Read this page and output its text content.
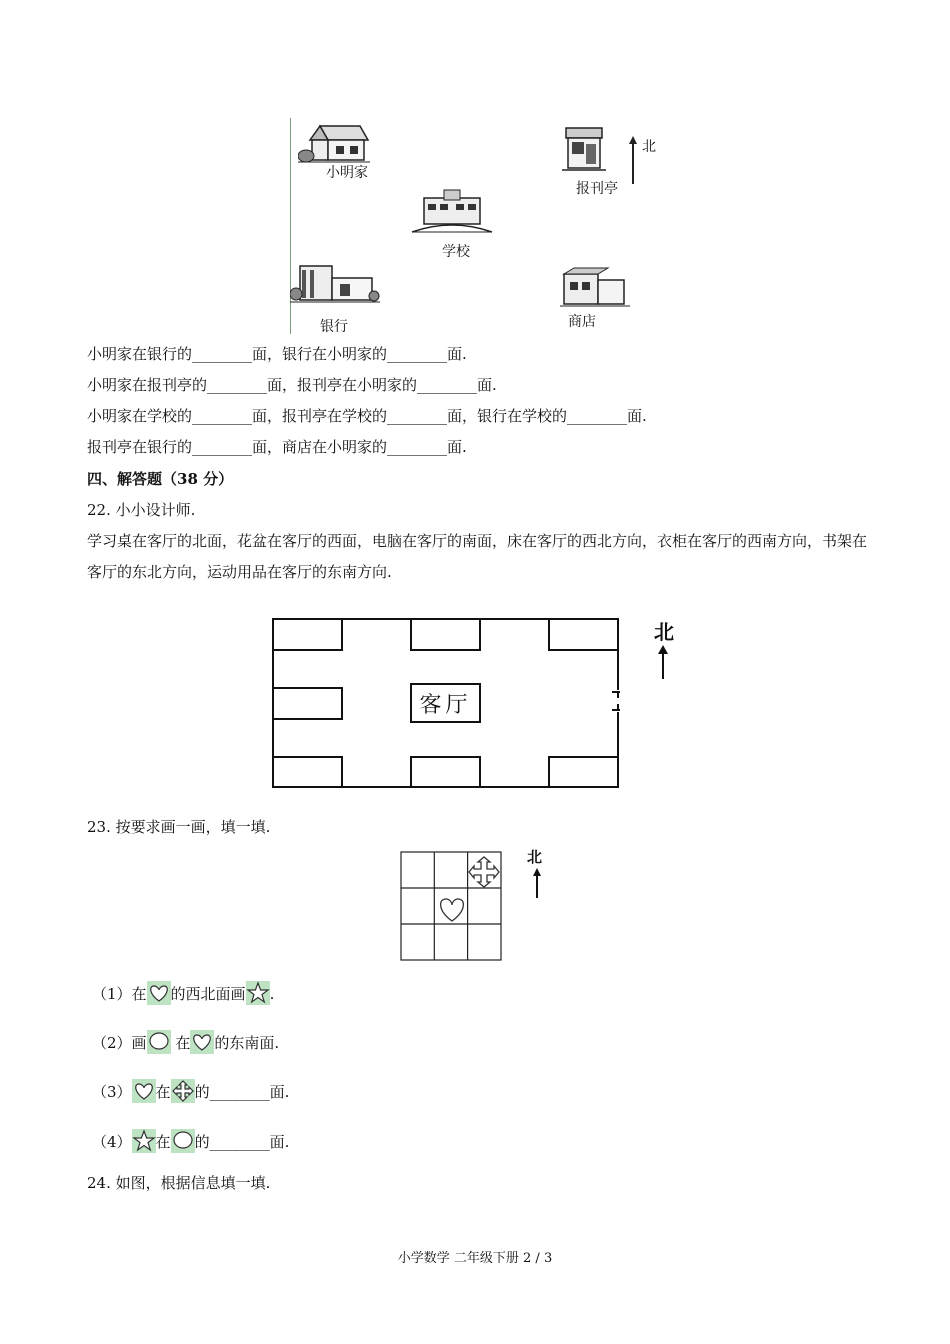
小明家
报刊亭
北
学校
银行	商店
小明家在银行的________面，银行在小明家的________面.
小明家在报刊亭的________面，报刊亭在小明家的________面.
小明家在学校的________面，报刊亭在学校的________面，银行在学校的________面.
报刊亭在银行的________面，商店在小明家的________面.
四、解答题（38 分）
22. 小小设计师.
学习桌在客厅的北面，花盆在客厅的西面，电脑在客厅的南面，床在客厅的西北方向，衣柜在客厅的西南方向，书架在客厅的东北方向，运动用品在客厅的东南方向.
客厅
北
23. 按要求画一画，填一填.
北
（1）在 的西北面画 .
（2）画 在 的东南面.
（3） 在 的________面.
（4） 在 的________面.
24. 如图，根据信息填一填.
小学数学 二年级下册 2 / 3
